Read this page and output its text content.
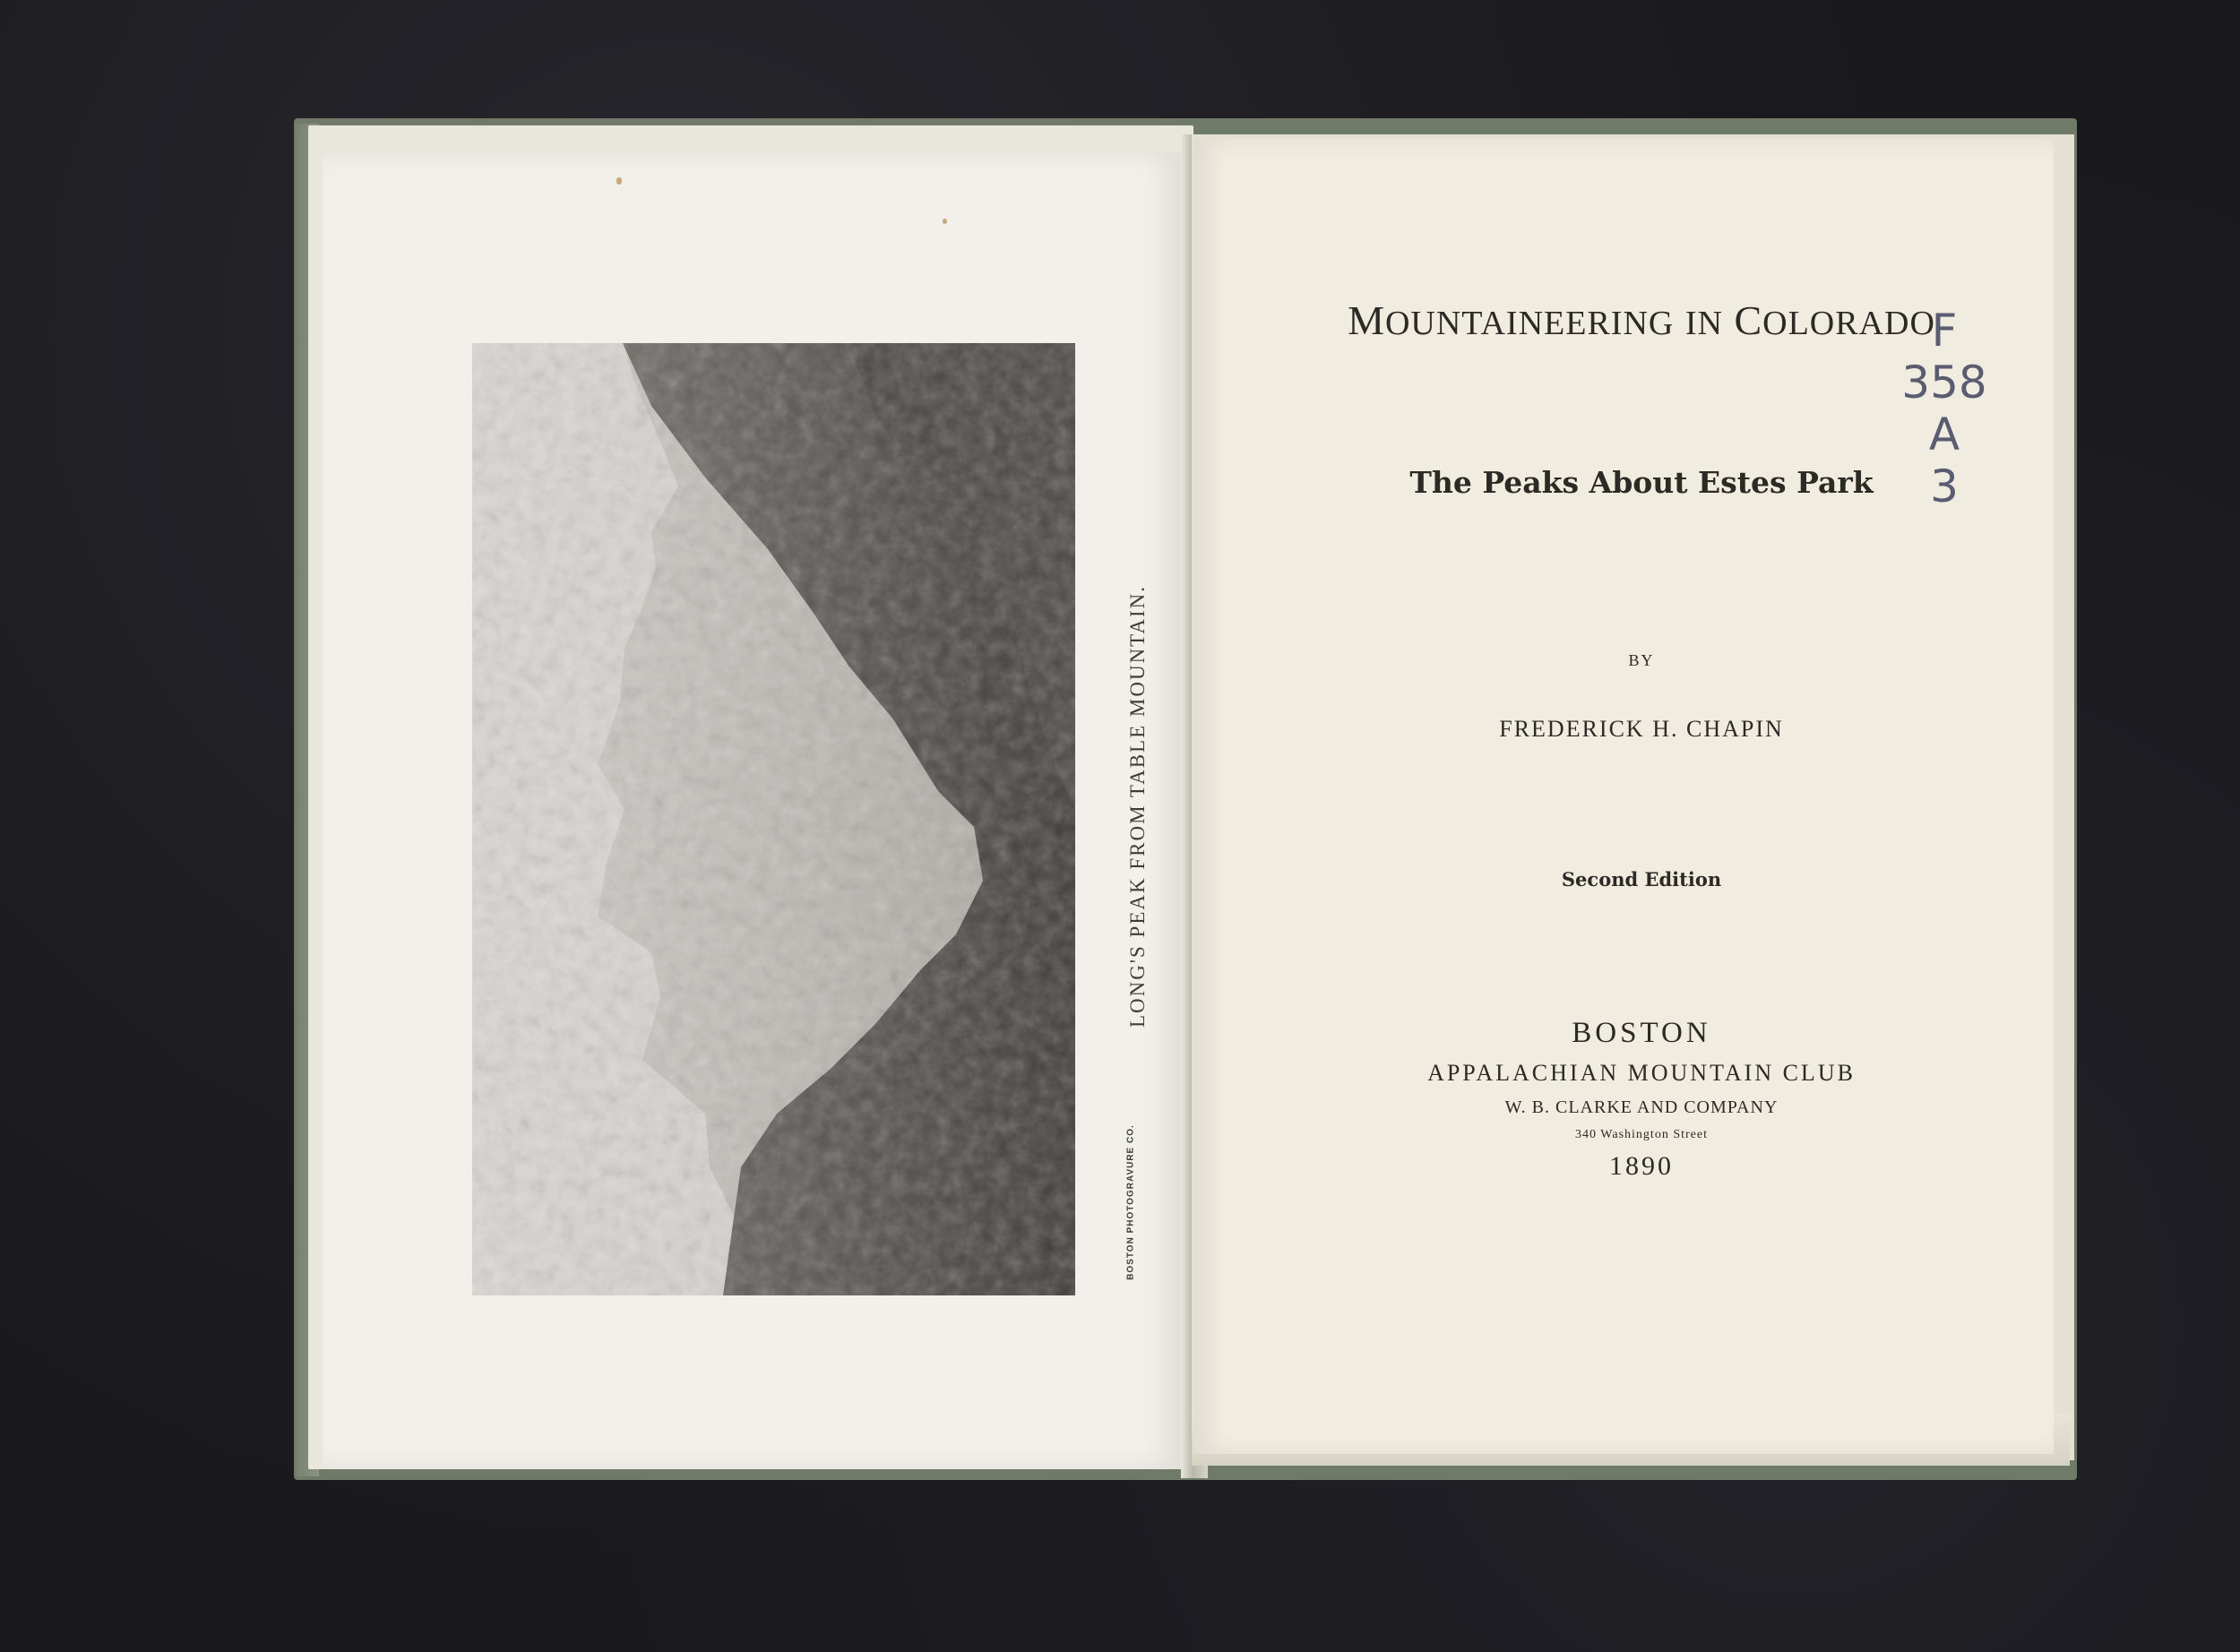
LONG'S PEAK FROM TABLE MOUNTAIN.
BOSTON PHOTOGRAVURE CO.
MOUNTAINEERING IN COLORADO
The Peaks About Estes Park
BY
FREDERICK H. CHAPIN
Second Edition
BOSTON
APPALACHIAN MOUNTAIN CLUB
W. B. CLARKE AND COMPANY
340 Washington Street
1890
F
358
A
3
